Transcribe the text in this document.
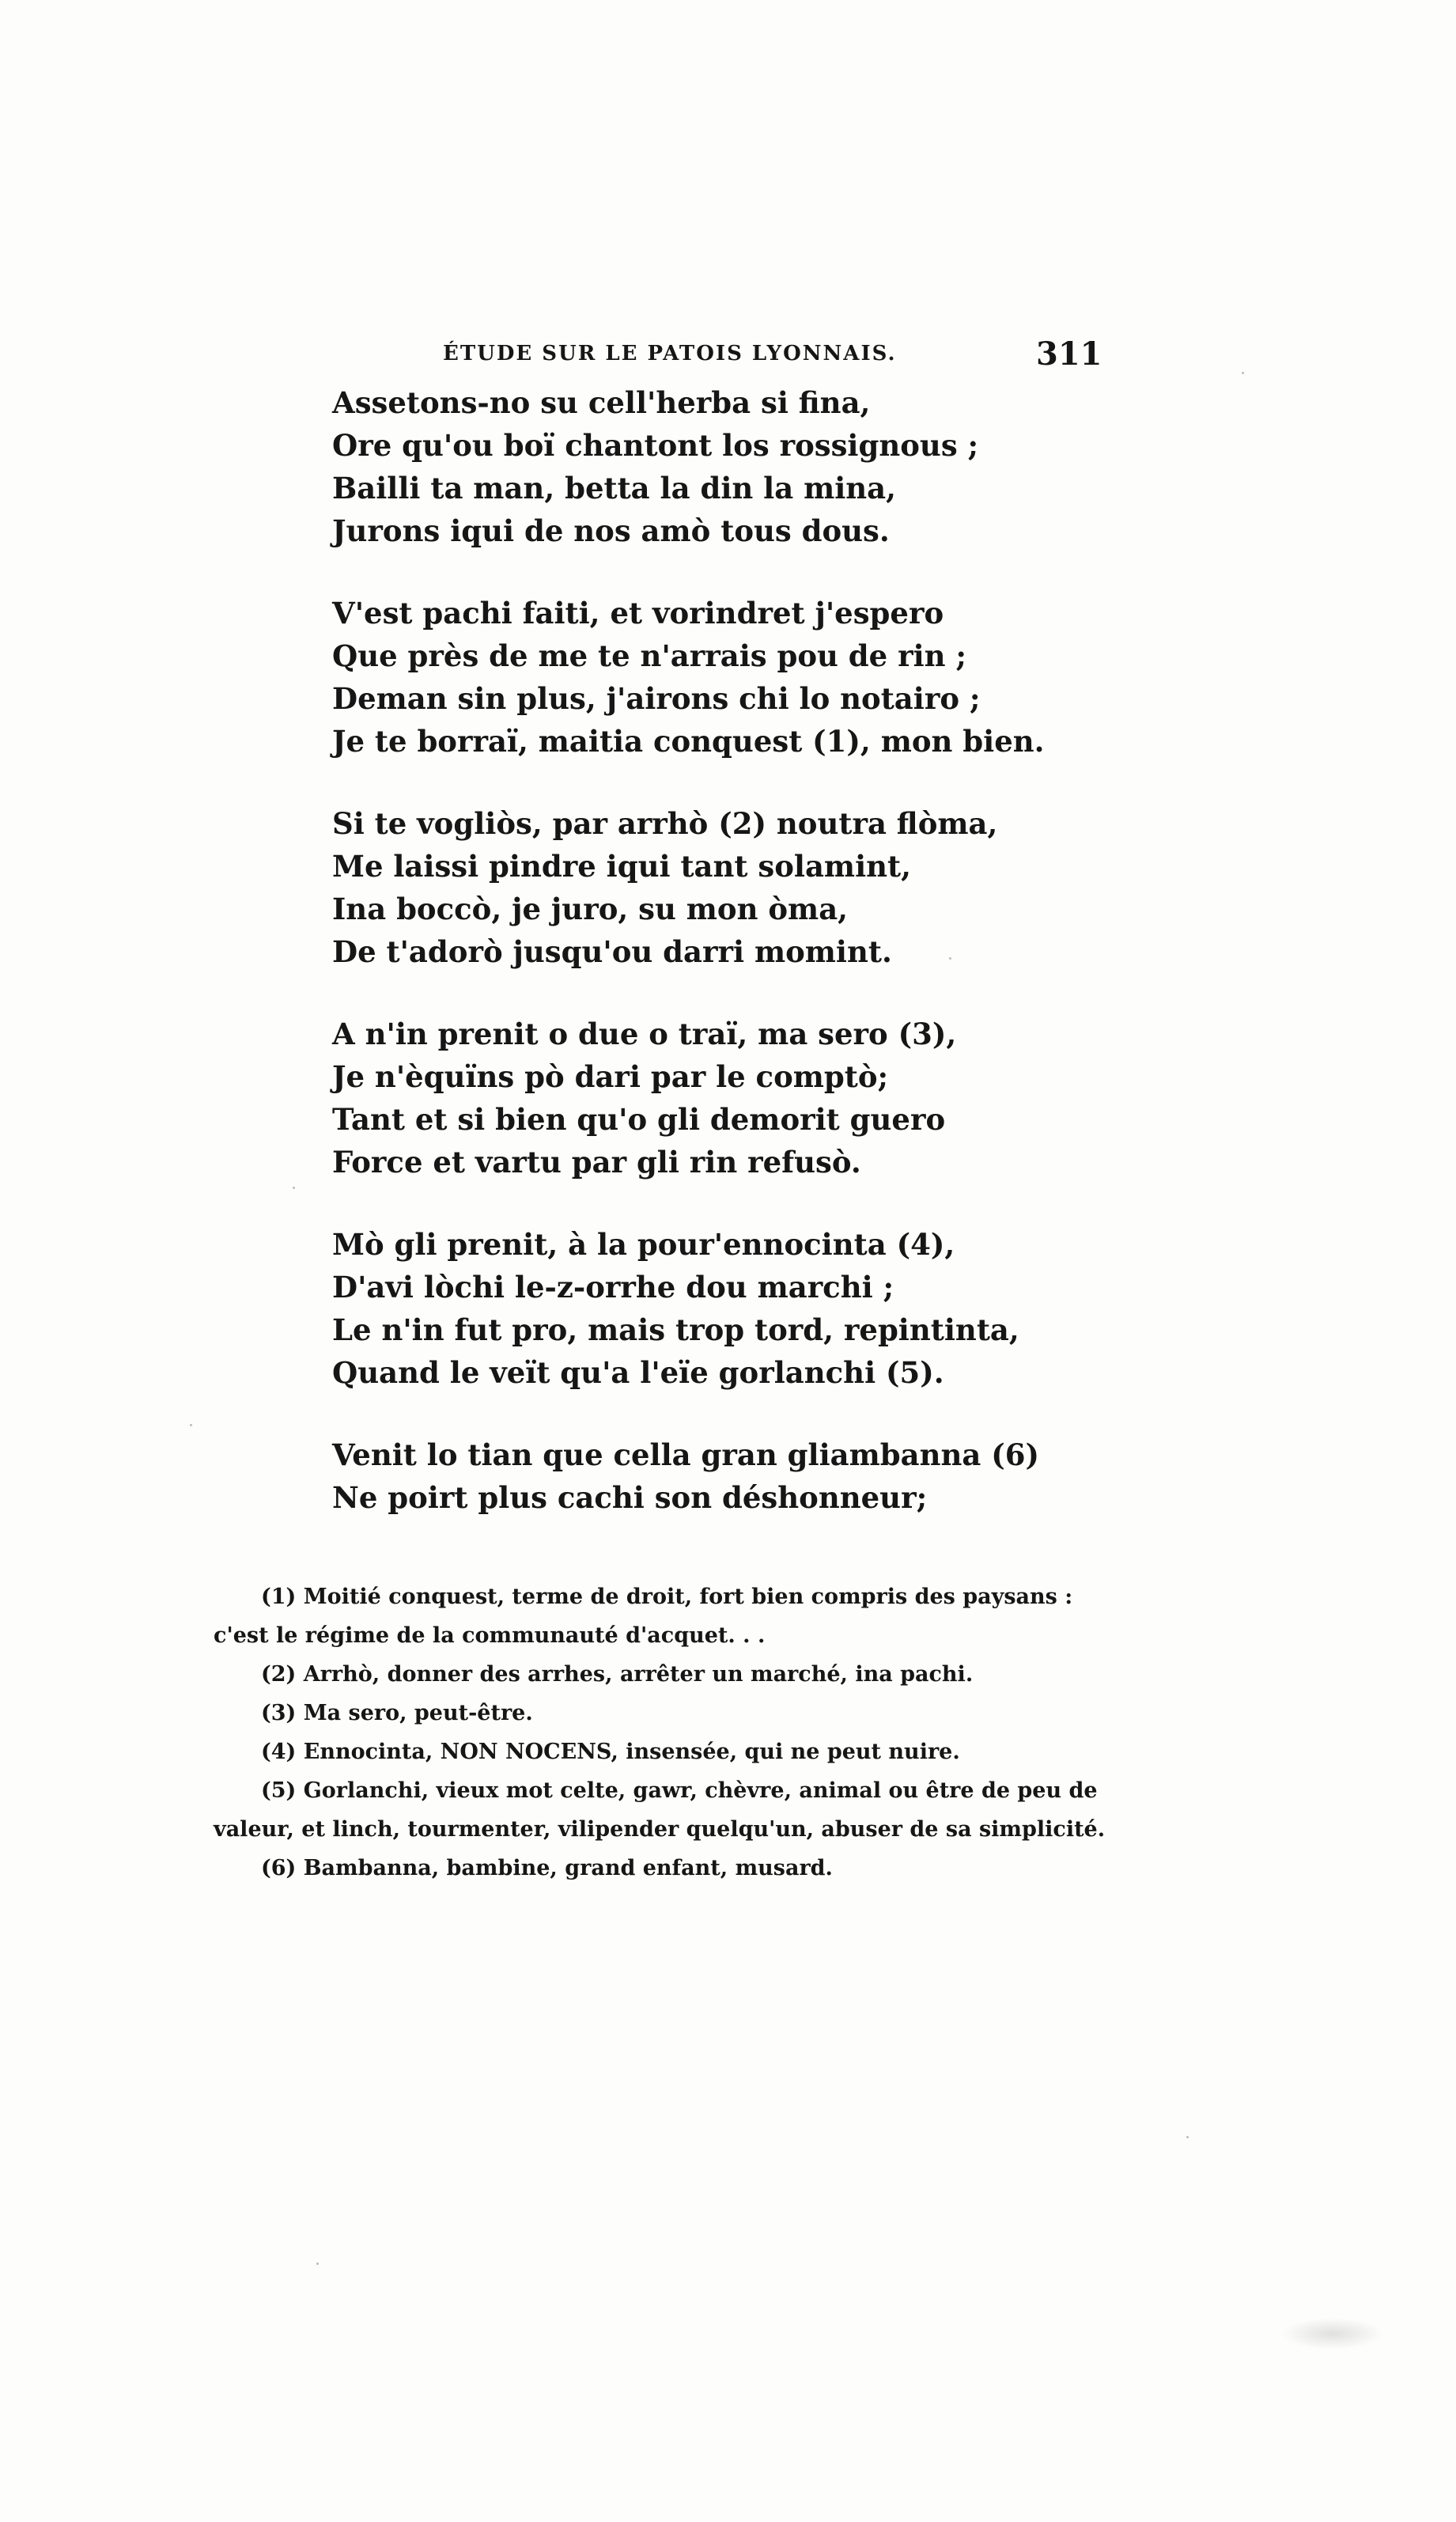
ÉTUDE SUR LE PATOIS LYONNAIS.	311
Assetons-no su cell'herba si fina,
Ore qu'ou boï chantont los rossignous ;
Bailli ta man, betta la din la mina,
Jurons iqui de nos amò tous dous.
V'est pachi faiti, et vorindret j'espero
Que près de me te n'arrais pou de rin ;
Deman sin plus, j'airons chi lo notairo ;
Je te borraï, maitia conquest (1), mon bien.
Si te vogliòs, par arrhò (2) noutra flòma,
Me laissi pindre iqui tant solamint,
Ina boccò, je juro, su mon òma,
De t'adorò jusqu'ou darri momint.
A n'in prenit o due o traï, ma sero (3),
Je n'èquïns pò dari par le comptò;
Tant et si bien qu'o gli demorit guero
Force et vartu par gli rin refusò.
Mò gli prenit, à la pour'ennocinta (4),
D'avi lòchi le-z-orrhe dou marchi ;
Le n'in fut pro, mais trop tord, repintinta,
Quand le veït qu'a l'eïe gorlanchi (5).
Venit lo tian que cella gran gliambanna (6)
Ne poirt plus cachi son déshonneur;
(1) Moitié conquest, terme de droit, fort bien compris des paysans :
c'est le régime de la communauté d'acquet. . .
(2) Arrhò, donner des arrhes, arrêter un marché, ina pachi.
(3) Ma sero, peut-être.
(4) Ennocinta, NON NOCENS, insensée, qui ne peut nuire.
(5) Gorlanchi, vieux mot celte, gawr, chèvre, animal ou être de peu de
valeur, et linch, tourmenter, vilipender quelqu'un, abuser de sa simplicité.
(6) Bambanna, bambine, grand enfant, musard.
